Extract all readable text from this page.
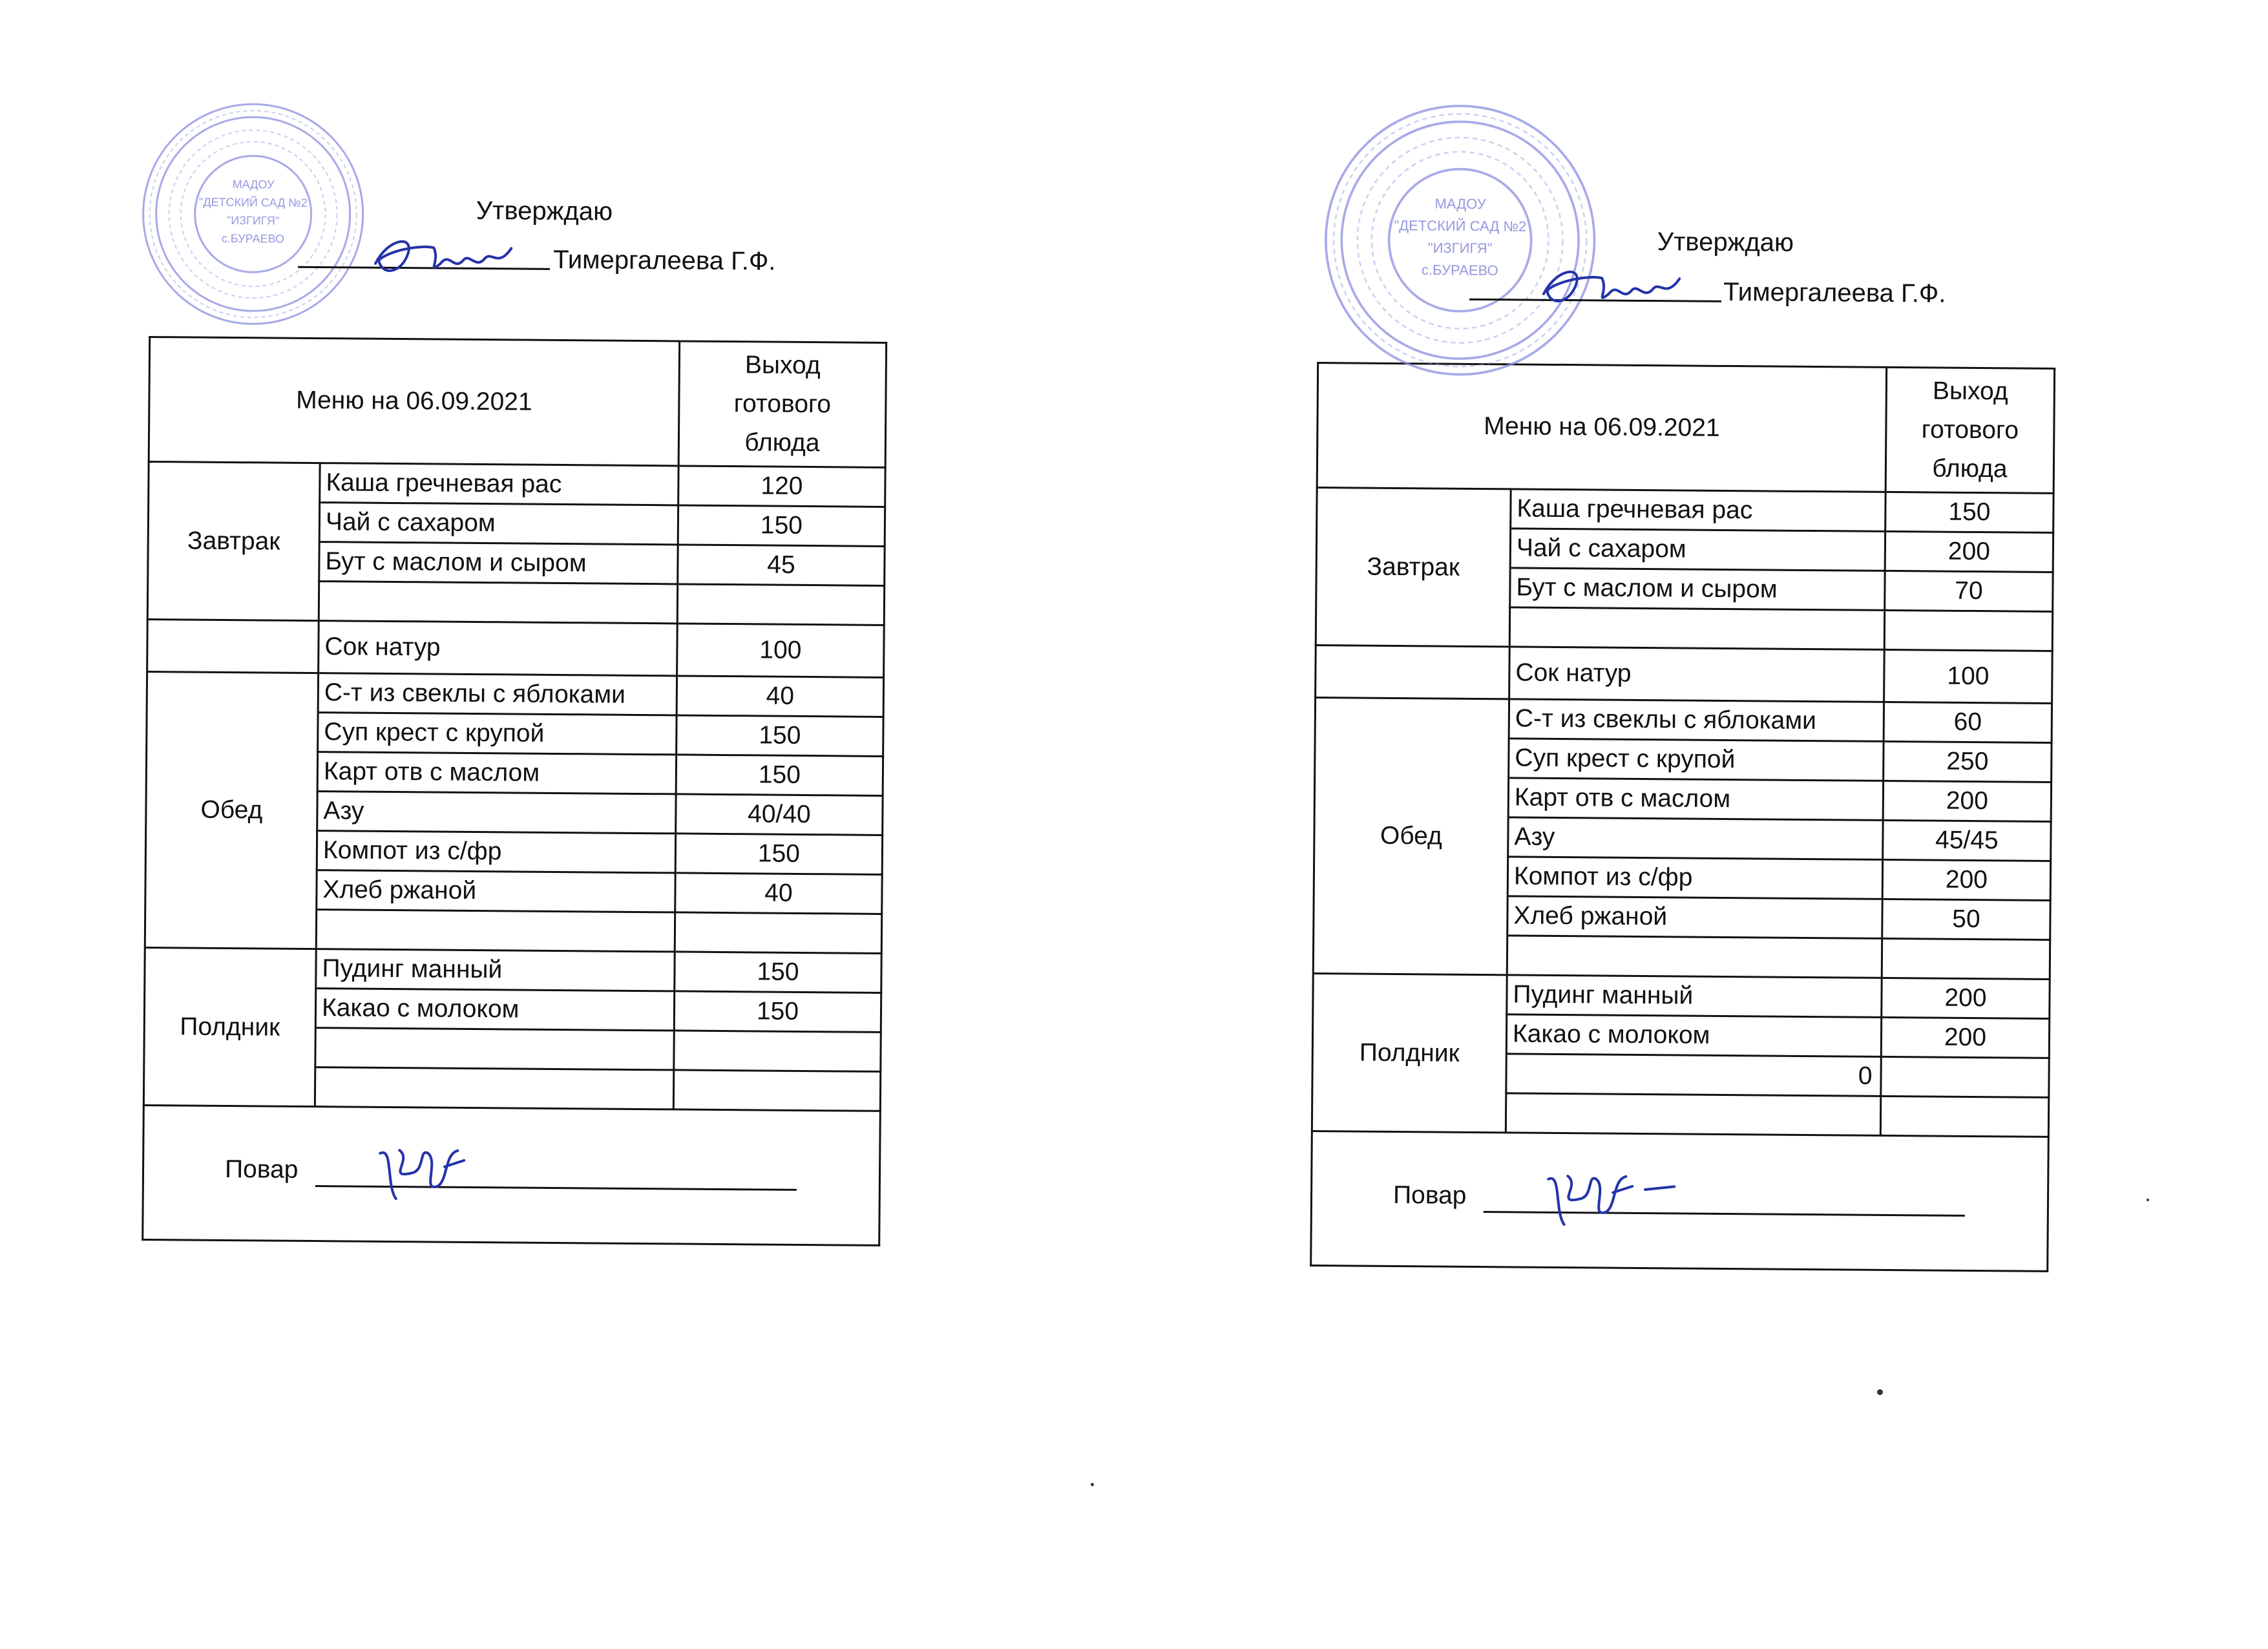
МАДОУ
"ДЕТСКИЙ САД №2
"ИЗГИГЯ"
с.БУРАЕВО
Утверждаю
Тимергалеева Г.Ф.
Меню на 06.09.2021		Выход
готового
блюда

Завтрак	Каша гречневая рас	120
	Чай с сахаром	150
	Бут с маслом и сыром	45

	Сок натур	100
Обед	С-т из свеклы с яблоками	40
	Суп крест с крупой	150
	Карт отв с маслом	150
	Азу	40/40
	Компот из с/фр	150
	Хлеб ржаной	40

Полдник	Пудинг манный	150
	Какао с молоком	150

Повар		
МАДОУ
"ДЕТСКИЙ САД №2
"ИЗГИГЯ"
с.БУРАЕВО
Утверждаю
Тимергалеева Г.Ф.
Меню на 06.09.2021		Выход
готового
блюда

Завтрак	Каша гречневая рас	150
	Чай с сахаром	200
	Бут с маслом и сыром	70

	Сок натур	100
Обед	С-т из свеклы с яблоками	60
	Суп крест с крупой	250
	Карт отв с маслом	200
	Азу	45/45
	Компот из с/фр	200
	Хлеб ржаной	50

Полдник	Пудинг манный	200
	Какао с молоком	200
	0	

Повар		
